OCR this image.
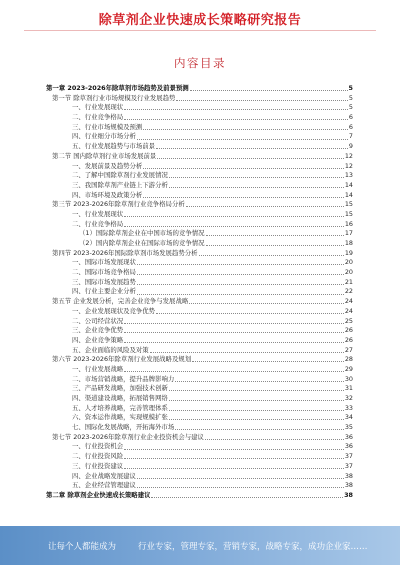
除草剂企业快速成长策略研究报告
内容目录
第一章 2023-2026年除草剂市场趋势及前景预测	5
第一节 除草剂行业市场规模及行业发展趋势	5
一、行业发展现状	5
二、行业竞争格局	6
三、行业市场规模及预测	6
四、行业细分市场分析	7
五、行业发展趋势与市场前景	9
第二节 国内除草剂行业市场发展前景	12
一、发展前景及趋势分析	12
二、了解中国除草剂行业发展情况	13
三、我国除草剂产业链上下游分析	14
四、市场环境及政策分析	14
第三节 2023-2026年除草剂行业竞争格局分析	15
一、行业发展现状	15
二、行业竞争格局	16
（1）国际除草剂企业在中国市场的竞争情况	17
（2）国内除草剂企业在国际市场的竞争情况	18
第四节 2023-2026年国际除草剂市场发展趋势分析	19
一、国际市场发展现状	20
二、国际市场竞争格局	20
三、国际市场发展趋势	21
四、行业主要企业分析	22
第五节 企业发展分析，完善企业竞争与发展战略	24
一、企业发展现状及竞争优势	24
二、公司经营状况	25
三、企业竞争优势	26
四、企业竞争策略	26
五、企业面临的风险及对策	27
第六节 2023-2026年除草剂行业发展战略及规划	28
一、行业发展战略	29
二、市场营销战略，提升品牌影响力	30
三、产品研发战略，加强技术创新	31
四、渠道建设战略，拓展销售网络	32
五、人才培养战略，完善管理体系	33
六、资本运作战略，实现规模扩张	34
七、国际化发展战略，开拓海外市场	35
第七节 2023-2026年除草剂行业企业投资机会与建议	36
一、行业投资机会	36
二、行业投资风险	37
三、行业投资建议	37
四、企业战略发展建议	38
五、企业经营管理建议	38
第二章 除草剂企业快速成长策略建议	38
让每个人都能成为	行业专家，管理专家，营销专家，战略专家，成功企业家……
